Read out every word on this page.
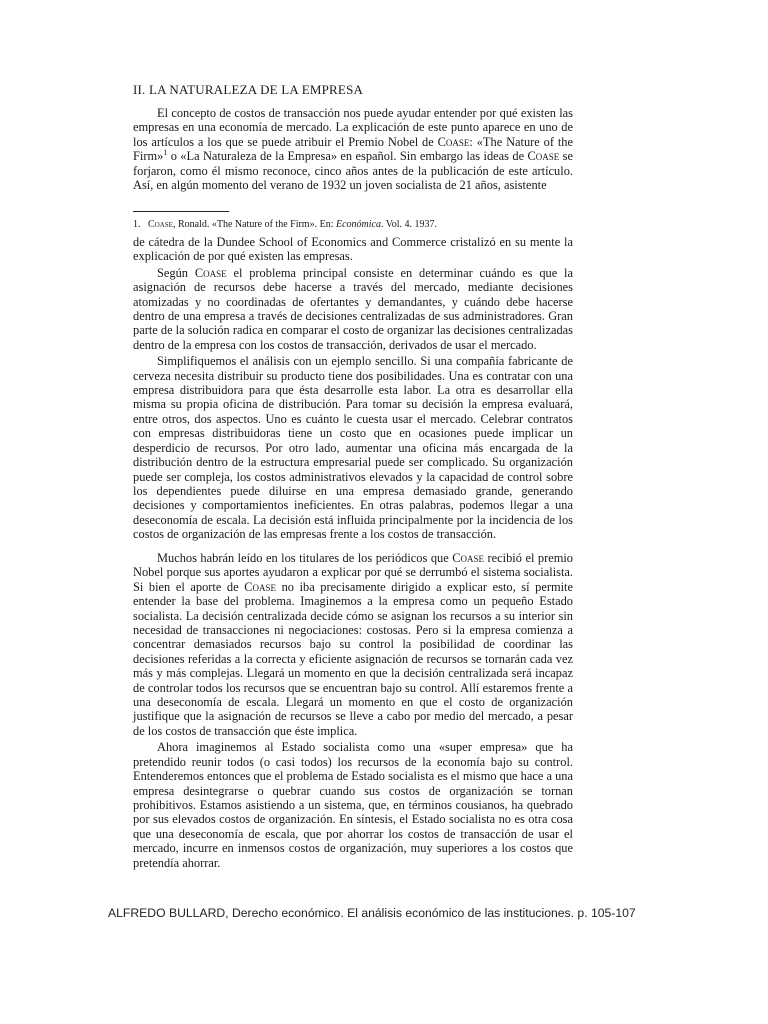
II. LA NATURALEZA DE LA EMPRESA

El concepto de costos de transacción nos puede ayudar entender por qué existen las empresas en una economía de mercado. La explicación de este punto aparece en uno de los artículos a los que se puede atribuir el Premio Nobel de Coase: «The Nature of the Firm»$^1$ o «La Naturaleza de la Empresa» en español. Sin embargo las ideas de Coase se forjaron, como él mismo reconoce, cinco años antes de la publicación de este artículo. Así, en algún momento del verano de 1932 un joven socialista de 21 años, asistente

1. Coase, Ronald. «The Nature of the Firm». En: Económica. Vol. 4. 1937.

de cátedra de la Dundee School of Economics and Commerce cristalizó en su mente la explicación de por qué existen las empresas.

Según Coase el problema principal consiste en determinar cuándo es que la asignación de recursos debe hacerse a través del mercado, mediante decisiones atomizadas y no coordinadas de ofertantes y demandantes, y cuándo debe hacerse dentro de una empresa a través de decisiones centralizadas de sus administradores. Gran parte de la solución radica en comparar el costo de organizar las decisiones centralizadas dentro de la empresa con los costos de transacción, derivados de usar el mercado.

Simplifiquemos el análisis con un ejemplo sencillo. Si una compañía fabricante de cerveza necesita distribuir su producto tiene dos posibilidades. Una es contratar con una empresa distribuidora para que ésta desarrolle esta labor. La otra es desarrollar ella misma su propia oficina de distribución. Para tomar su decisión la empresa evaluará, entre otros, dos aspectos. Uno es cuánto le cuesta usar el mercado. Celebrar contratos con empresas distribuidoras tiene un costo que en ocasiones puede implicar un desperdicio de recursos. Por otro lado, aumentar una oficina más encargada de la distribución dentro de la estructura empresarial puede ser complicado. Su organización puede ser compleja, los costos administrativos elevados y la capacidad de control sobre los dependientes puede diluirse en una empresa demasiado grande, generando decisiones y comportamientos ineficientes. En otras palabras, podemos llegar a una deseconomía de escala. La decisión está influida principalmente por la incidencia de los costos de organización de las empresas frente a los costos de transacción.

Muchos habrán leído en los titulares de los periódicos que Coase recibió el premio Nobel porque sus aportes ayudaron a explicar por qué se derrumbó el sistema socialista. Si bien el aporte de Coase no iba precisamente dirigido a explicar esto, sí permite entender la base del problema. Imaginemos a la empresa como un pequeño Estado socialista. La decisión centralizada decide cómo se asignan los recursos a su interior sin necesidad de transacciones ni negociaciones: costosas. Pero si la empresa comienza a concentrar demasiados recursos bajo su control la posibilidad de coordinar las decisiones referidas a la correcta y eficiente asignación de recursos se tornarán cada vez más y más complejas. Llegará un momento en que la decisión centralizada será incapaz de controlar todos los recursos que se encuentran bajo su control. Allí estaremos frente a una deseconomía de escala. Llegará un momento en que el costo de organización justifique que la asignación de recursos se lleve a cabo por medio del mercado, a pesar de los costos de transacción que éste implica.

Ahora imaginemos al Estado socialista como una «super empresa» que ha pretendido reunir todos (o casi todos) los recursos de la economía bajo su control. Entenderemos entonces que el problema de Estado socialista es el mismo que hace a una empresa desintegrarse o quebrar cuando sus costos de organización se tornan prohibitivos. Estamos asistiendo a un sistema, que, en términos cousianos, ha quebrado por sus elevados costos de organización. En síntesis, el Estado socialista no es otra cosa que una deseconomía de escala, que por ahorrar los costos de transacción de usar el mercado, incurre en inmensos costos de organización, muy superiores a los costos que pretendía ahorrar.

ALFREDO BULLARD, Derecho económico. El análisis económico de las instituciones. p. 105-107
